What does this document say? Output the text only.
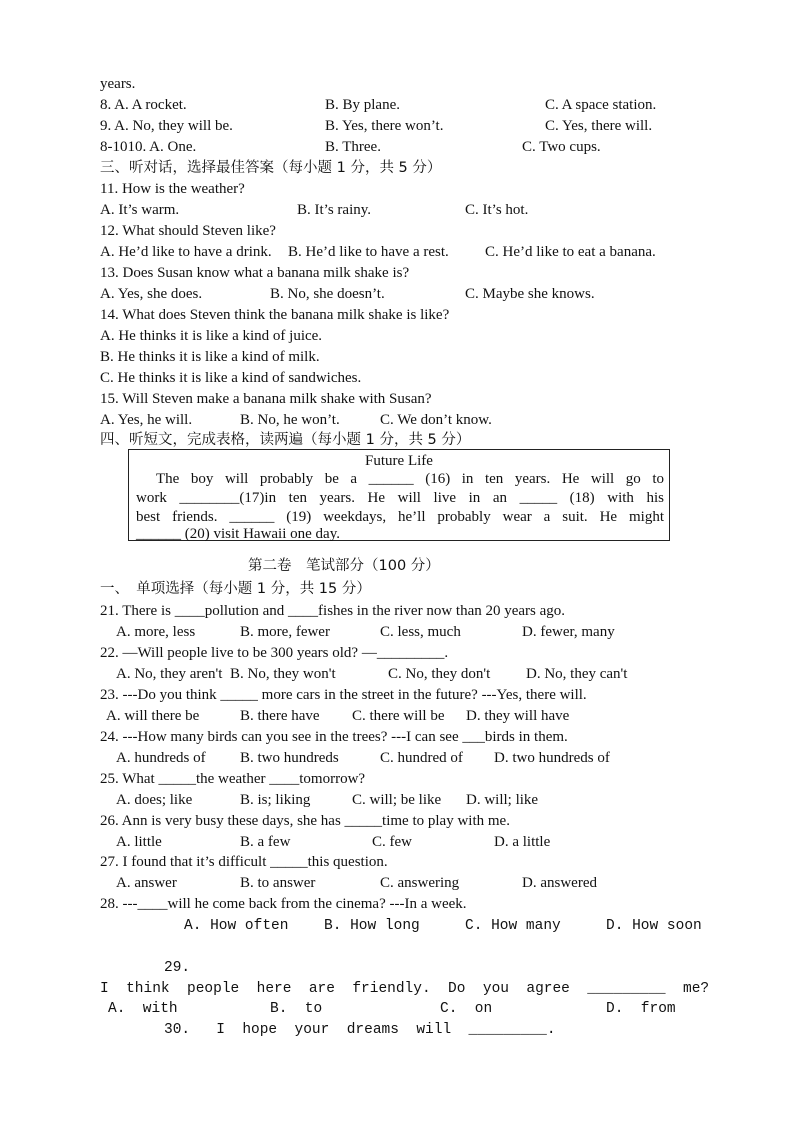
years.
8. A. A rocket.	B. By plane.	C. A space station.
9. A. No, they will be.	B. Yes, there won’t.	C. Yes, there will.
8-1010. A. One.	B. Three.	C. Two cups.
三、听对话，选择最佳答案（每小题 1 分，共 5 分）
11. How is the weather?
A. It’s warm.	B. It’s rainy.	C. It’s hot.
12. What should Steven like?
A. He’d like to have a drink. B. He’d like to have a rest. C. He’d like to eat a banana.
13. Does Susan know what a banana milk shake is?
A. Yes, she does.	B. No, she doesn’t.	C. Maybe she knows.
14. What does Steven think the banana milk shake is like?
A. He thinks it is like a kind of juice.
B. He thinks it is like a kind of milk.
C. He thinks it is like a kind of sandwiches.
15. Will Steven make a banana milk shake with Susan?
A. Yes, he will.	B. No, he won’t.	C. We don’t know.
四、听短文，完成表格，读两遍（每小题 1 分，共 5 分）
Future Life
The boy will probably be a ______ (16) in ten years. He will go to
work ________(17)in ten years. He will live in an _____ (18) with his
best friends. ______ (19) weekdays, he’ll probably wear a suit. He might
______ (20) visit Hawaii one day.
第二卷　笔试部分（100 分）
一、　单项选择（每小题 1 分，共 15 分）
21. There is ____pollution and ____fishes in the river now than 20 years ago.
A. more, less	B. more, fewer	C. less, much	D. fewer, many
22. —Will people live to be 300 years old? —_________.
A. No, they aren't B. No, they won't	C. No, they don't D. No, they can't
23. ---Do you think _____ more cars in the street in the future? ---Yes, there will.
A. will there be	B. there have C. there will be D. they will have
24. ---How many birds can you see in the trees? ---I can see ___birds in them.
A. hundreds of B. two hundreds	C. hundred of D. two hundreds of
25. What _____the weather ____tomorrow?
A. does; like	B. is; liking	C. will; be like D. will; like
26. Ann is very busy these days, she has _____time to play with me.
A. little	B. a few	C. few	D. a little
27. I found that it’s difficult _____this question.
A. answer	B. to answer	C. answering	D. answered
28. ---____will he come back from the cinema? ---In a week.
A. How often B. How long	C. How many	D. How soon
29.
I  think  people  here  are  friendly.  Do  you  agree  _________  me?
A.  with	B.  to	C.  on	D.  from
30.   I  hope  your  dreams  will  _________.
